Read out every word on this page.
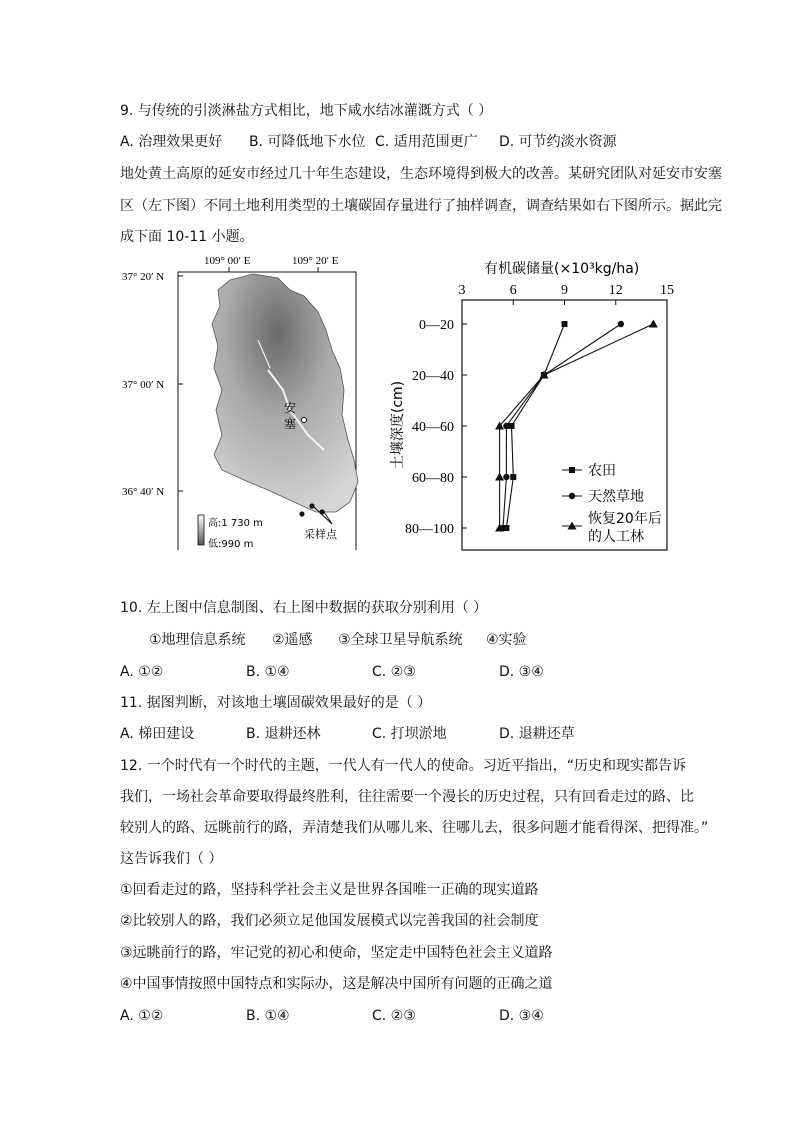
9. 与传统的引淡淋盐方式相比，地下咸水结冰灌溉方式（ ）
A. 治理效果更好 B. 可降低地下水位 C. 适用范围更广 D. 可节约淡水资源
地处黄土高原的延安市经过几十年生态建设，生态环境得到极大的改善。某研究团队对延安市安塞
区（左下图）不同土地利用类型的土壤碳固存量进行了抽样调查，调查结果如右下图所示。据此完
成下面 10-11 小题。
109° 00′ E	109° 20′ E
37° 20′ N
37° 00′ N
36° 40′ N
安
塞
采样点
高:1 730 m
低:990 m
有机碳储量(×10³kg/ha)
3	6	9	12	15
0—20
20—40
40—60
60—80
80—100
土壤深度(cm)
农田
天然草地
恢复20年后
的人工林
10. 左上图中信息制图、右上图中数据的获取分别利用（ ）
①地理信息系统 ②遥感 ③全球卫星导航系统 ④实验
A. ①②	B. ①④	C. ②③	D. ③④
11. 据图判断，对该地土壤固碳效果最好的是（ ）
A. 梯田建设	B. 退耕还林	C. 打坝淤地	D. 退耕还草
12. 一个时代有一个时代的主题，一代人有一代人的使命。习近平指出，“历史和现实都告诉
我们，一场社会革命要取得最终胜利，往往需要一个漫长的历史过程，只有回看走过的路、比
较别人的路、远眺前行的路，弄清楚我们从哪儿来、往哪儿去，很多问题才能看得深、把得准。”
这告诉我们（ ）
①回看走过的路，坚持科学社会主义是世界各国唯一正确的现实道路
②比较别人的路，我们必须立足他国发展模式以完善我国的社会制度
③远眺前行的路，牢记党的初心和使命，坚定走中国特色社会主义道路
④中国事情按照中国特点和实际办，这是解决中国所有问题的正确之道
A. ①②	B. ①④	C. ②③	D. ③④
